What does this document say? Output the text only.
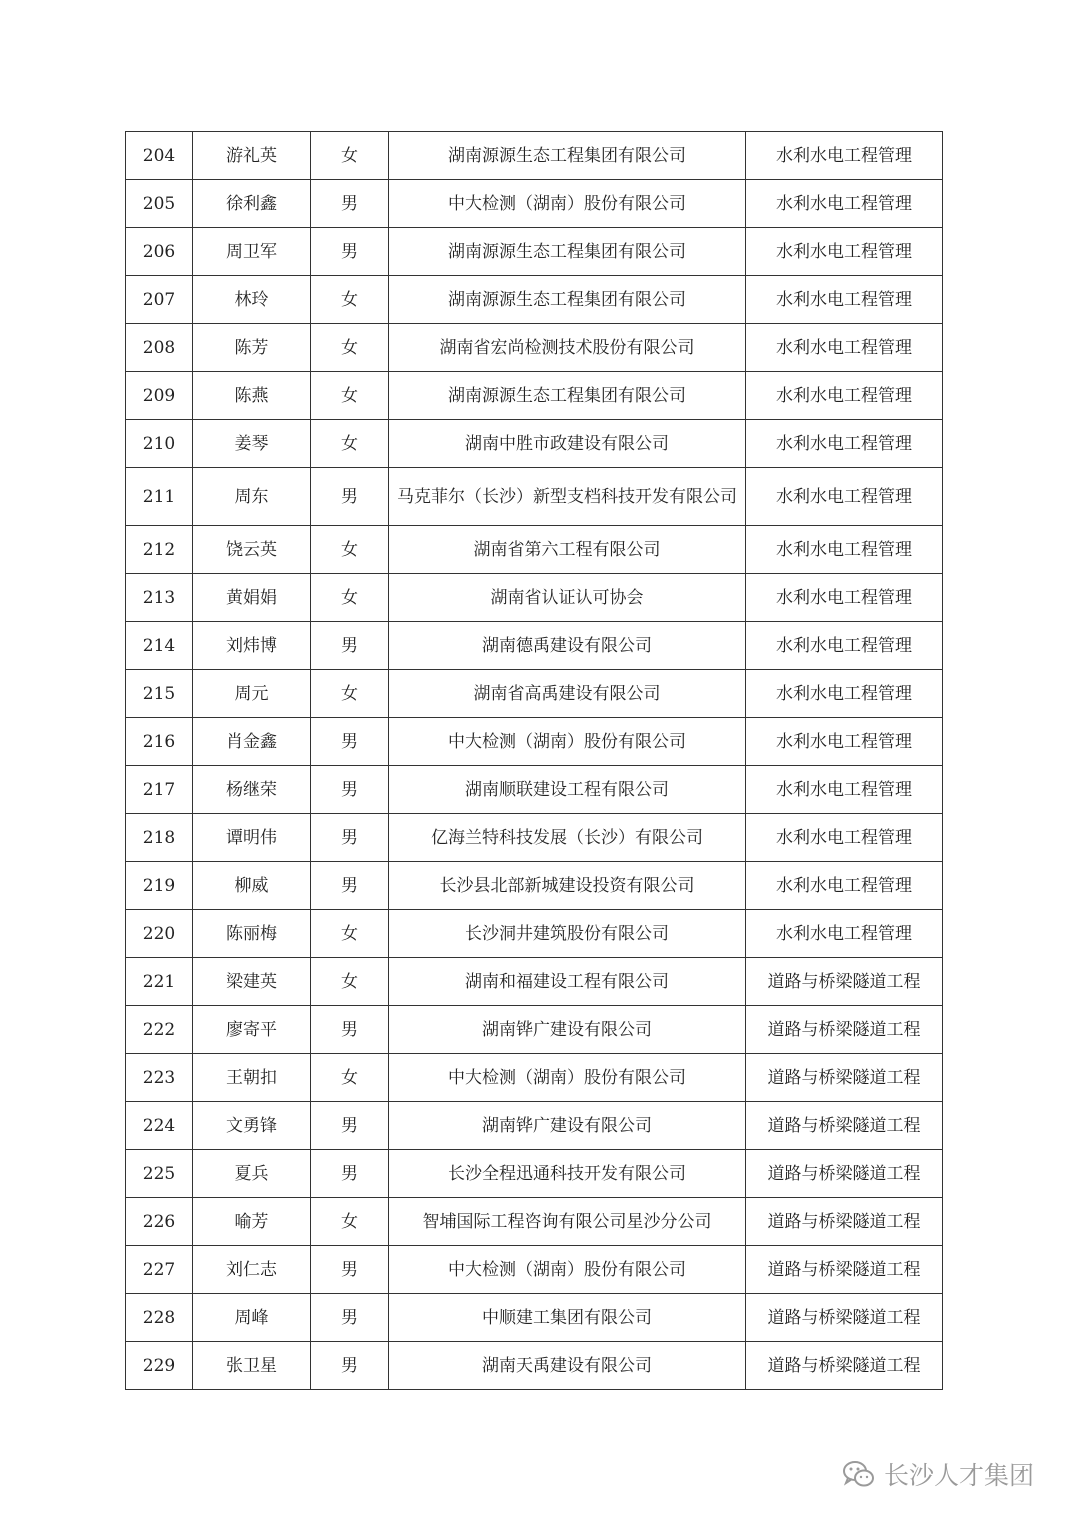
204	游礼英	女	湖南源源生态工程集团有限公司	水利水电工程管理
205	徐利鑫	男	中大检测（湖南）股份有限公司	水利水电工程管理
206	周卫军	男	湖南源源生态工程集团有限公司	水利水电工程管理
207	林玲	女	湖南源源生态工程集团有限公司	水利水电工程管理
208	陈芳	女	湖南省宏尚检测技术股份有限公司	水利水电工程管理
209	陈燕	女	湖南源源生态工程集团有限公司	水利水电工程管理
210	姜琴	女	湖南中胜市政建设有限公司	水利水电工程管理
211	周东	男	马克菲尔（长沙）新型支档科技开发有限公司	水利水电工程管理
212	饶云英	女	湖南省第六工程有限公司	水利水电工程管理
213	黄娟娟	女	湖南省认证认可协会	水利水电工程管理
214	刘炜博	男	湖南德禹建设有限公司	水利水电工程管理
215	周元	女	湖南省高禹建设有限公司	水利水电工程管理
216	肖金鑫	男	中大检测（湖南）股份有限公司	水利水电工程管理
217	杨继荣	男	湖南顺联建设工程有限公司	水利水电工程管理
218	谭明伟	男	亿海兰特科技发展（长沙）有限公司	水利水电工程管理
219	柳威	男	长沙县北部新城建设投资有限公司	水利水电工程管理
220	陈丽梅	女	长沙洞井建筑股份有限公司	水利水电工程管理
221	梁建英	女	湖南和福建设工程有限公司	道路与桥梁隧道工程
222	廖寄平	男	湖南铧广建设有限公司	道路与桥梁隧道工程
223	王朝扣	女	中大检测（湖南）股份有限公司	道路与桥梁隧道工程
224	文勇锋	男	湖南铧广建设有限公司	道路与桥梁隧道工程
225	夏兵	男	长沙全程迅通科技开发有限公司	道路与桥梁隧道工程
226	喻芳	女	智埔国际工程咨询有限公司星沙分公司	道路与桥梁隧道工程
227	刘仁志	男	中大检测（湖南）股份有限公司	道路与桥梁隧道工程
228	周峰	男	中顺建工集团有限公司	道路与桥梁隧道工程
229	张卫星	男	湖南天禹建设有限公司	道路与桥梁隧道工程
长沙人才集团
